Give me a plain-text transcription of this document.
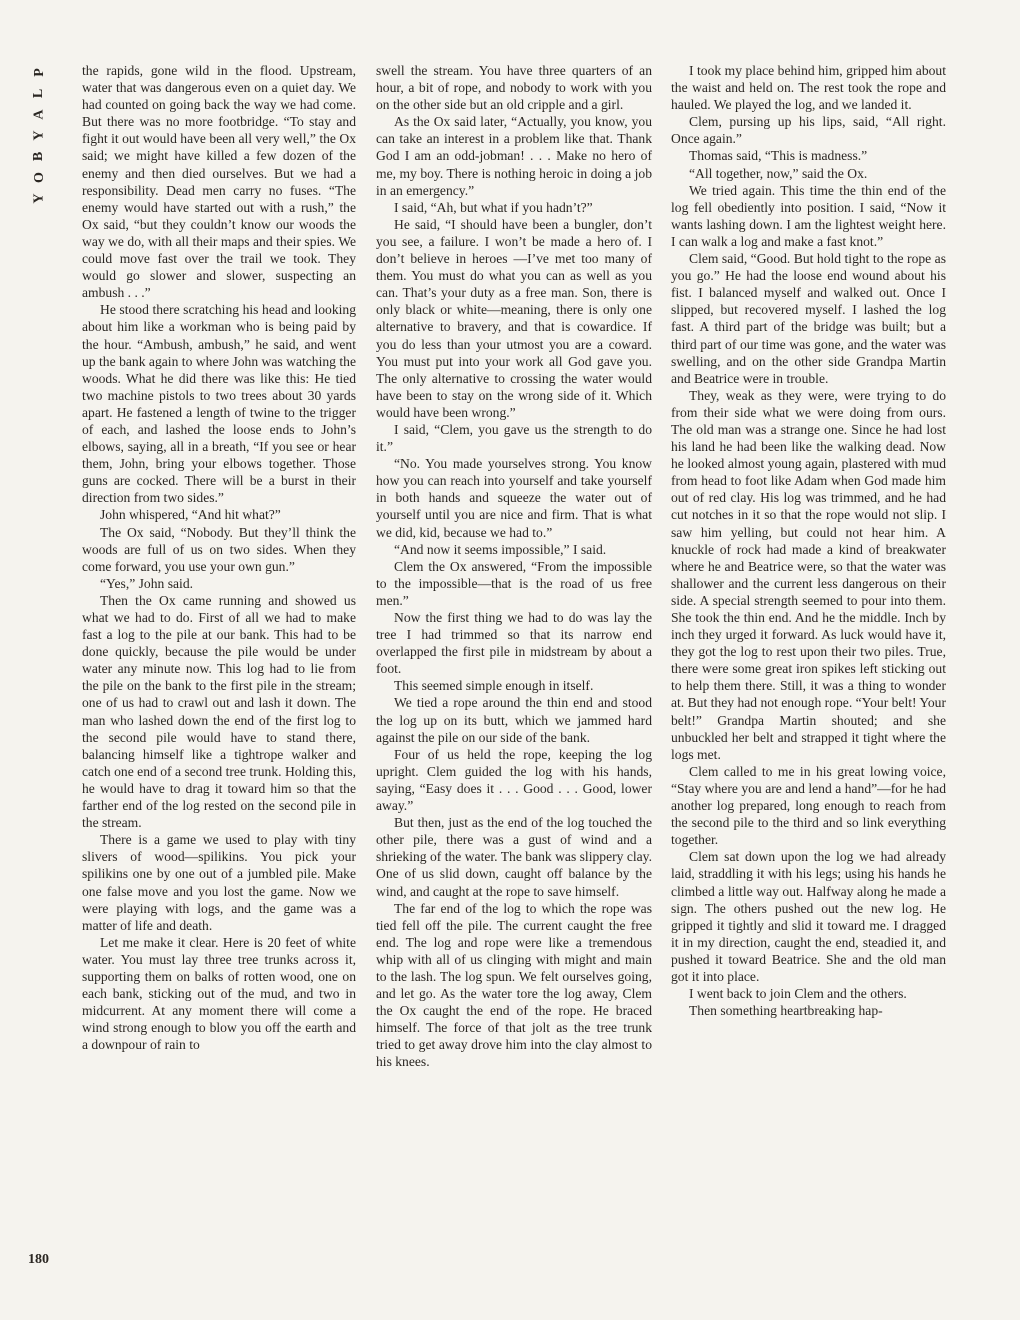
P
L
A
Y
B
O
Y
180

the rapids, gone wild in the flood. Upstream, water that was dangerous even on a quiet day. We had counted on going back the way we had come. But there was no more footbridge. “To stay and fight it out would have been all very well,” the Ox said; we might have killed a few dozen of the enemy and then died ourselves. But we had a responsibility. Dead men carry no fuses. “The enemy would have started out with a rush,” the Ox said, “but they couldn’t know our woods the way we do, with all their maps and their spies. We could move fast over the trail we took. They would go slower and slower, suspecting an ambush . . .”

He stood there scratching his head and looking about him like a workman who is being paid by the hour. “Ambush, ambush,” he said, and went up the bank again to where John was watching the woods. What he did there was like this: He tied two machine pistols to two trees about 30 yards apart. He fastened a length of twine to the trigger of each, and lashed the loose ends to John’s elbows, saying, all in a breath, “If you see or hear them, John, bring your elbows together. Those guns are cocked. There will be a burst in their direction from two sides.”

John whispered, “And hit what?”

The Ox said, “Nobody. But they’ll think the woods are full of us on two sides. When they come forward, you use your own gun.”

“Yes,” John said.

Then the Ox came running and showed us what we had to do. First of all we had to make fast a log to the pile at our bank. This had to be done quickly, because the pile would be under water any minute now. This log had to lie from the pile on the bank to the first pile in the stream; one of us had to crawl out and lash it down. The man who lashed down the end of the first log to the second pile would have to stand there, balancing himself like a tightrope walker and catch one end of a second tree trunk. Holding this, he would have to drag it toward him so that the farther end of the log rested on the second pile in the stream.

There is a game we used to play with tiny slivers of wood—spilikins. You pick your spilikins one by one out of a jumbled pile. Make one false move and you lost the game. Now we were playing with logs, and the game was a matter of life and death.

Let me make it clear. Here is 20 feet of white water. You must lay three tree trunks across it, supporting them on balks of rotten wood, one on each bank, sticking out of the mud, and two in midcurrent. At any moment there will come a wind strong enough to blow you off the earth and a downpour of rain to

swell the stream. You have three quarters of an hour, a bit of rope, and nobody to work with you on the other side but an old cripple and a girl.

As the Ox said later, “Actually, you know, you can take an interest in a problem like that. Thank God I am an odd-jobman! . . . Make no hero of me, my boy. There is nothing heroic in doing a job in an emergency.”

I said, “Ah, but what if you hadn’t?”

He said, “I should have been a bungler, don’t you see, a failure. I won’t be made a hero of. I don’t believe in heroes —I’ve met too many of them. You must do what you can as well as you can. That’s your duty as a free man. Son, there is only black or white—meaning, there is only one alternative to bravery, and that is cowardice. If you do less than your utmost you are a coward. You must put into your work all God gave you. The only alternative to crossing the water would have been to stay on the wrong side of it. Which would have been wrong.”

I said, “Clem, you gave us the strength to do it.”

“No. You made yourselves strong. You know how you can reach into yourself and take yourself in both hands and squeeze the water out of yourself until you are nice and firm. That is what we did, kid, because we had to.”

“And now it seems impossible,” I said.

Clem the Ox answered, “From the impossible to the impossible—that is the road of us free men.”

Now the first thing we had to do was lay the tree I had trimmed so that its narrow end overlapped the first pile in midstream by about a foot.

This seemed simple enough in itself.

We tied a rope around the thin end and stood the log up on its butt, which we jammed hard against the pile on our side of the bank.

Four of us held the rope, keeping the log upright. Clem guided the log with his hands, saying, “Easy does it . . . Good . . . Good, lower away.”

But then, just as the end of the log touched the other pile, there was a gust of wind and a shrieking of the water. The bank was slippery clay. One of us slid down, caught off balance by the wind, and caught at the rope to save himself.

The far end of the log to which the rope was tied fell off the pile. The current caught the free end. The log and rope were like a tremendous whip with all of us clinging with might and main to the lash. The log spun. We felt ourselves going, and let go. As the water tore the log away, Clem the Ox caught the end of the rope. He braced himself. The force of that jolt as the tree trunk tried to get away drove him into the clay almost to his knees.

I took my place behind him, gripped him about the waist and held on. The rest took the rope and hauled. We played the log, and we landed it.

Clem, pursing up his lips, said, “All right. Once again.”

Thomas said, “This is madness.”

“All together, now,” said the Ox.

We tried again. This time the thin end of the log fell obediently into position. I said, “Now it wants lashing down. I am the lightest weight here. I can walk a log and make a fast knot.”

Clem said, “Good. But hold tight to the rope as you go.” He had the loose end wound about his fist. I balanced myself and walked out. Once I slipped, but recovered myself. I lashed the log fast. A third part of the bridge was built; but a third part of our time was gone, and the water was swelling, and on the other side Grandpa Martin and Beatrice were in trouble.

They, weak as they were, were trying to do from their side what we were doing from ours. The old man was a strange one. Since he had lost his land he had been like the walking dead. Now he looked almost young again, plastered with mud from head to foot like Adam when God made him out of red clay. His log was trimmed, and he had cut notches in it so that the rope would not slip. I saw him yelling, but could not hear him. A knuckle of rock had made a kind of breakwater where he and Beatrice were, so that the water was shallower and the current less dangerous on their side. A special strength seemed to pour into them. She took the thin end. And he the middle. Inch by inch they urged it forward. As luck would have it, they got the log to rest upon their two piles. True, there were some great iron spikes left sticking out to help them there. Still, it was a thing to wonder at. But they had not enough rope. “Your belt! Your belt!” Grandpa Martin shouted; and she unbuckled her belt and strapped it tight where the logs met.

Clem called to me in his great lowing voice, “Stay where you are and lend a hand”—for he had another log prepared, long enough to reach from the second pile to the third and so link everything together.

Clem sat down upon the log we had already laid, straddling it with his legs; using his hands he climbed a little way out. Halfway along he made a sign. The others pushed out the new log. He gripped it tightly and slid it toward me. I dragged it in my direction, caught the end, steadied it, and pushed it toward Beatrice. She and the old man got it into place.

I went back to join Clem and the others.

Then something heartbreaking hap-
